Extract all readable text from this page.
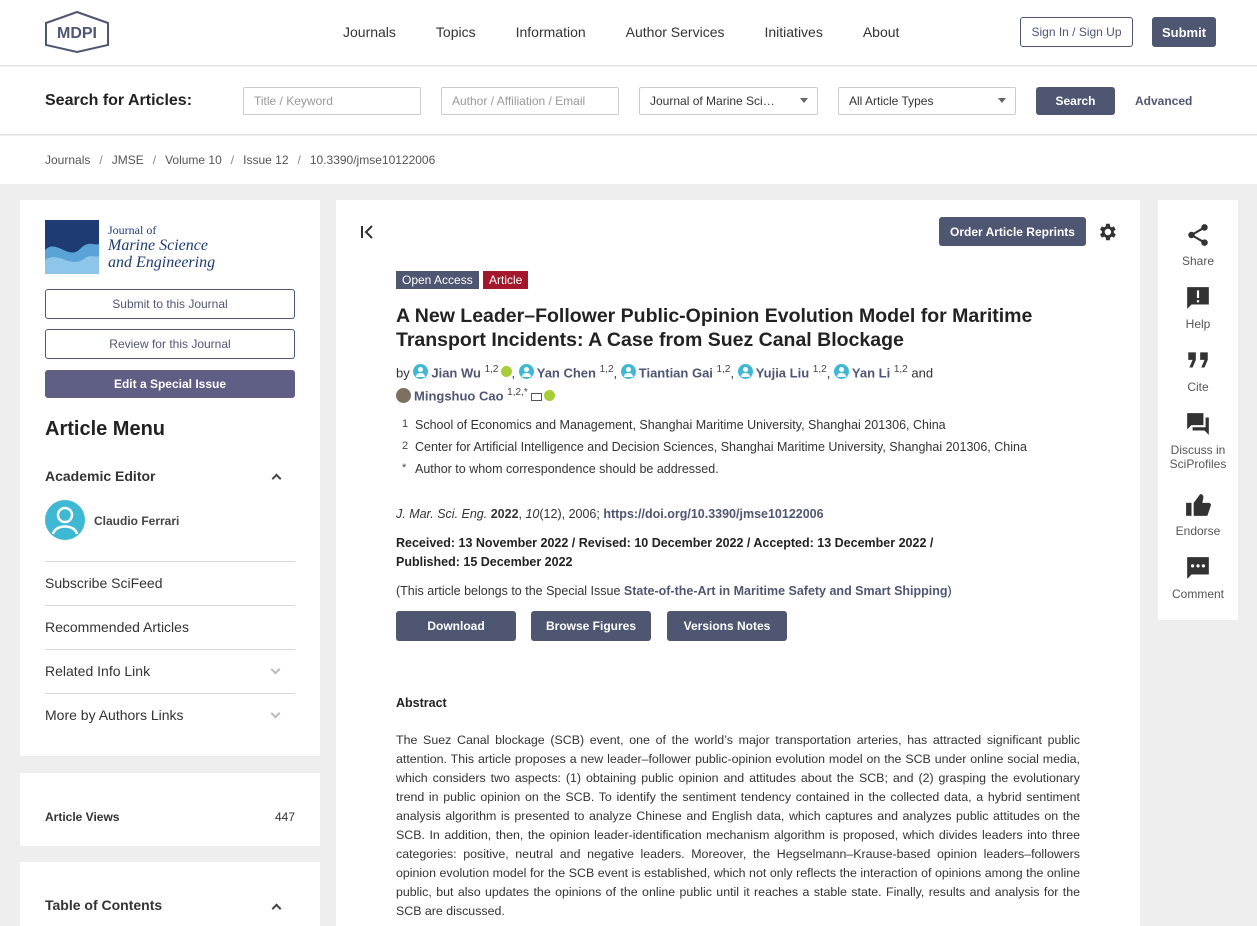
MDPI	Journals	Topics	Information	Author Services	Initiatives	About	Sign In / Sign Up	Submit
Search for Articles:	Title / Keyword	Author / Affiliation / Email	Journal of Marine Sci…	All Article Types	Search	Advanced
Journals / JMSE / Volume 10 / Issue 12 / 10.3390/jmse10122006
Journal of
Marine Science
and Engineering
Submit to this Journal
Review for this Journal
Edit a Special Issue
Article Menu
Academic Editor
Claudio Ferrari
Subscribe SciFeed
Recommended Articles
Related Info Link
More by Authors Links
Article Views	447
Table of Contents
Order Article Reprints
Open Access	Article
A New Leader–Follower Public-Opinion Evolution Model for Maritime Transport Incidents: A Case from Suez Canal Blockage
by Jian Wu $^{1,2}$ , Yan Chen $^{1,2}$, Tiantian Gai $^{1,2}$, Yujia Liu $^{1,2}$, Yan Li $^{1,2}$ and
Mingshuo Cao $^{1,2,*}$
1 School of Economics and Management, Shanghai Maritime University, Shanghai 201306, China
2 Center for Artificial Intelligence and Decision Sciences, Shanghai Maritime University, Shanghai 201306, China
* Author to whom correspondence should be addressed.
J. Mar. Sci. Eng. 2022, 10(12), 2006; https://doi.org/10.3390/jmse10122006
Received: 13 November 2022 / Revised: 10 December 2022 / Accepted: 13 December 2022 /
Published: 15 December 2022
(This article belongs to the Special Issue State-of-the-Art in Maritime Safety and Smart Shipping)
Download	Browse Figures	Versions Notes
Abstract
The Suez Canal blockage (SCB) event, one of the world’s major transportation arteries, has attracted significant public attention. This article proposes a new leader–follower public-opinion evolution model on the SCB under online social media, which considers two aspects: (1) obtaining public opinion and attitudes about the SCB; and (2) grasping the evolutionary trend in public opinion on the SCB. To identify the sentiment tendency contained in the collected data, a hybrid sentiment analysis algorithm is presented to analyze Chinese and English data, which captures and analyzes public attitudes on the SCB. In addition, then, the opinion leader-identification mechanism algorithm is proposed, which divides leaders into three categories: positive, neutral and negative leaders. Moreover, the Hegselmann–Krause-based opinion leaders–followers opinion evolution model for the SCB event is established, which not only reflects the interaction of opinions among the online public, but also updates the opinions of the online public until it reaches a stable state. Finally, results and analysis for the SCB are discussed.
Share
Help
Cite
Discuss in SciProfiles
Endorse
Comment
